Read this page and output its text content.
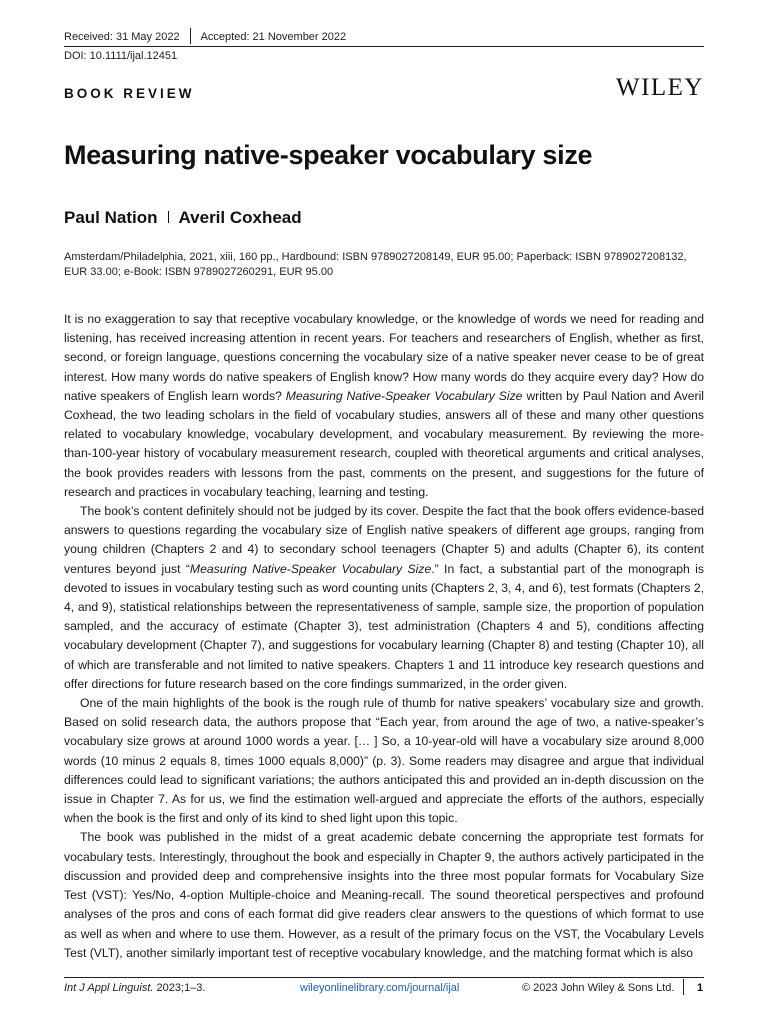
Received: 31 May 2022 Accepted: 21 November 2022
DOI: 10.1111/ijal.12451
BOOK REVIEW	WILEY
Measuring native-speaker vocabulary size
Paul Nation Averil Coxhead
Amsterdam/Philadelphia, 2021, xiii, 160 pp., Hardbound: ISBN 9789027208149, EUR 95.00; Paperback: ISBN 9789027208132, EUR 33.00; e-Book: ISBN 9789027260291, EUR 95.00

It is no exaggeration to say that receptive vocabulary knowledge, or the knowledge of words we need for reading and listening, has received increasing attention in recent years. For teachers and researchers of English, whether as first, second, or foreign language, questions concerning the vocabulary size of a native speaker never cease to be of great interest. How many words do native speakers of English know? How many words do they acquire every day? How do native speakers of English learn words? Measuring Native-Speaker Vocabulary Size written by Paul Nation and Averil Coxhead, the two leading scholars in the field of vocabulary studies, answers all of these and many other questions related to vocabulary knowledge, vocabulary development, and vocabulary measurement. By reviewing the more-than-100-year history of vocabulary measurement research, coupled with theoretical arguments and critical analyses, the book provides readers with lessons from the past, comments on the present, and suggestions for the future of research and practices in vocabulary teaching, learning and testing.

The book’s content definitely should not be judged by its cover. Despite the fact that the book offers evidence-based answers to questions regarding the vocabulary size of English native speakers of different age groups, ranging from young children (Chapters 2 and 4) to secondary school teenagers (Chapter 5) and adults (Chapter 6), its content ventures beyond just “Measuring Native-Speaker Vocabulary Size.” In fact, a substantial part of the monograph is devoted to issues in vocabulary testing such as word counting units (Chapters 2, 3, 4, and 6), test formats (Chapters 2, 4, and 9), statistical relationships between the representativeness of sample, sample size, the proportion of population sampled, and the accuracy of estimate (Chapter 3), test administration (Chapters 4 and 5), conditions affecting vocabulary development (Chapter 7), and suggestions for vocabulary learning (Chapter 8) and testing (Chapter 10), all of which are transferable and not limited to native speakers. Chapters 1 and 11 introduce key research questions and offer directions for future research based on the core findings summarized, in the order given.

One of the main highlights of the book is the rough rule of thumb for native speakers’ vocabulary size and growth. Based on solid research data, the authors propose that “Each year, from around the age of two, a native-speaker’s vocabulary size grows at around 1000 words a year. [… ] So, a 10-year-old will have a vocabulary size around 8,000 words (10 minus 2 equals 8, times 1000 equals 8,000)” (p. 3). Some readers may disagree and argue that individual differences could lead to significant variations; the authors anticipated this and provided an in-depth discussion on the issue in Chapter 7. As for us, we find the estimation well-argued and appreciate the efforts of the authors, especially when the book is the first and only of its kind to shed light upon this topic.

The book was published in the midst of a great academic debate concerning the appropriate test formats for vocabulary tests. Interestingly, throughout the book and especially in Chapter 9, the authors actively participated in the discussion and provided deep and comprehensive insights into the three most popular formats for Vocabulary Size Test (VST): Yes/No, 4-option Multiple-choice and Meaning-recall. The sound theoretical perspectives and profound analyses of the pros and cons of each format did give readers clear answers to the questions of which format to use as well as when and where to use them. However, as a result of the primary focus on the VST, the Vocabulary Levels Test (VLT), another similarly important test of receptive vocabulary knowledge, and the matching format which is also

Int J Appl Linguist. 2023;1–3.	wileyonlinelibrary.com/journal/ijal	© 2023 John Wiley & Sons Ltd. 1
